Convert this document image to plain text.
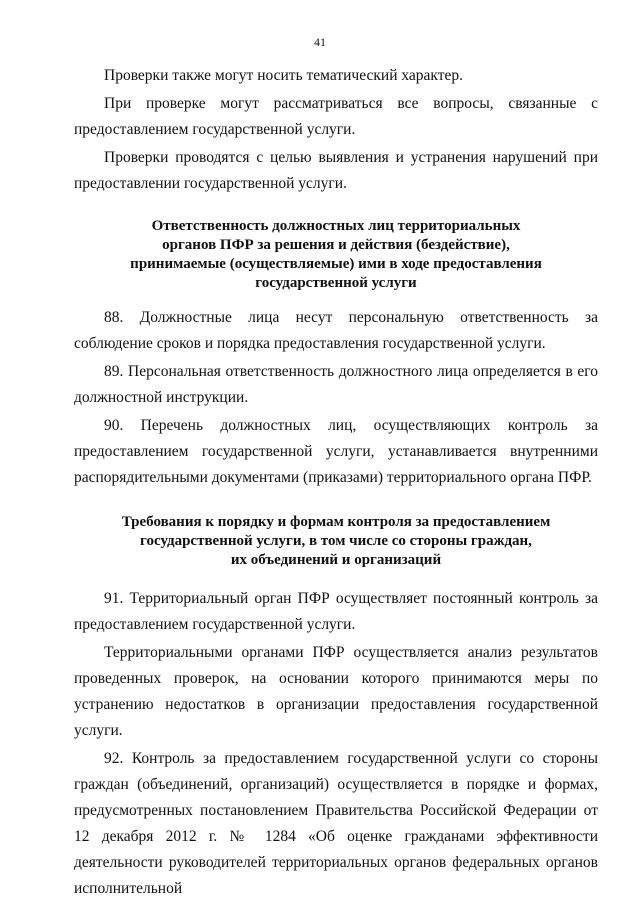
41

Проверки также могут носить тематический характер.

При проверке могут рассматриваться все вопросы, связанные с предоставлением государственной услуги.

Проверки проводятся с целью выявления и устранения нарушений при предоставлении государственной услуги.

Ответственность должностных лиц территориальных
органов ПФР за решения и действия (бездействие),
принимаемые (осуществляемые) ими в ходе предоставления
государственной услуги

88. Должностные лица несут персональную ответственность за соблюдение сроков и порядка предоставления государственной услуги.

89. Персональная ответственность должностного лица определяется в его должностной инструкции.

90. Перечень должностных лиц, осуществляющих контроль за предоставлением государственной услуги, устанавливается внутренними распорядительными документами (приказами) территориального органа ПФР.

Требования к порядку и формам контроля за предоставлением
государственной услуги, в том числе со стороны граждан,
их объединений и организаций

91. Территориальный орган ПФР осуществляет постоянный контроль за предоставлением государственной услуги.

Территориальными органами ПФР осуществляется анализ результатов проведенных проверок, на основании которого принимаются меры по устранению недостатков в организации предоставления государственной услуги.

92. Контроль за предоставлением государственной услуги со стороны граждан (объединений, организаций) осуществляется в порядке и формах, предусмотренных постановлением Правительства Российской Федерации от 12 декабря 2012 г. № 1284 «Об оценке гражданами эффективности деятельности руководителей территориальных органов федеральных органов исполнительной
